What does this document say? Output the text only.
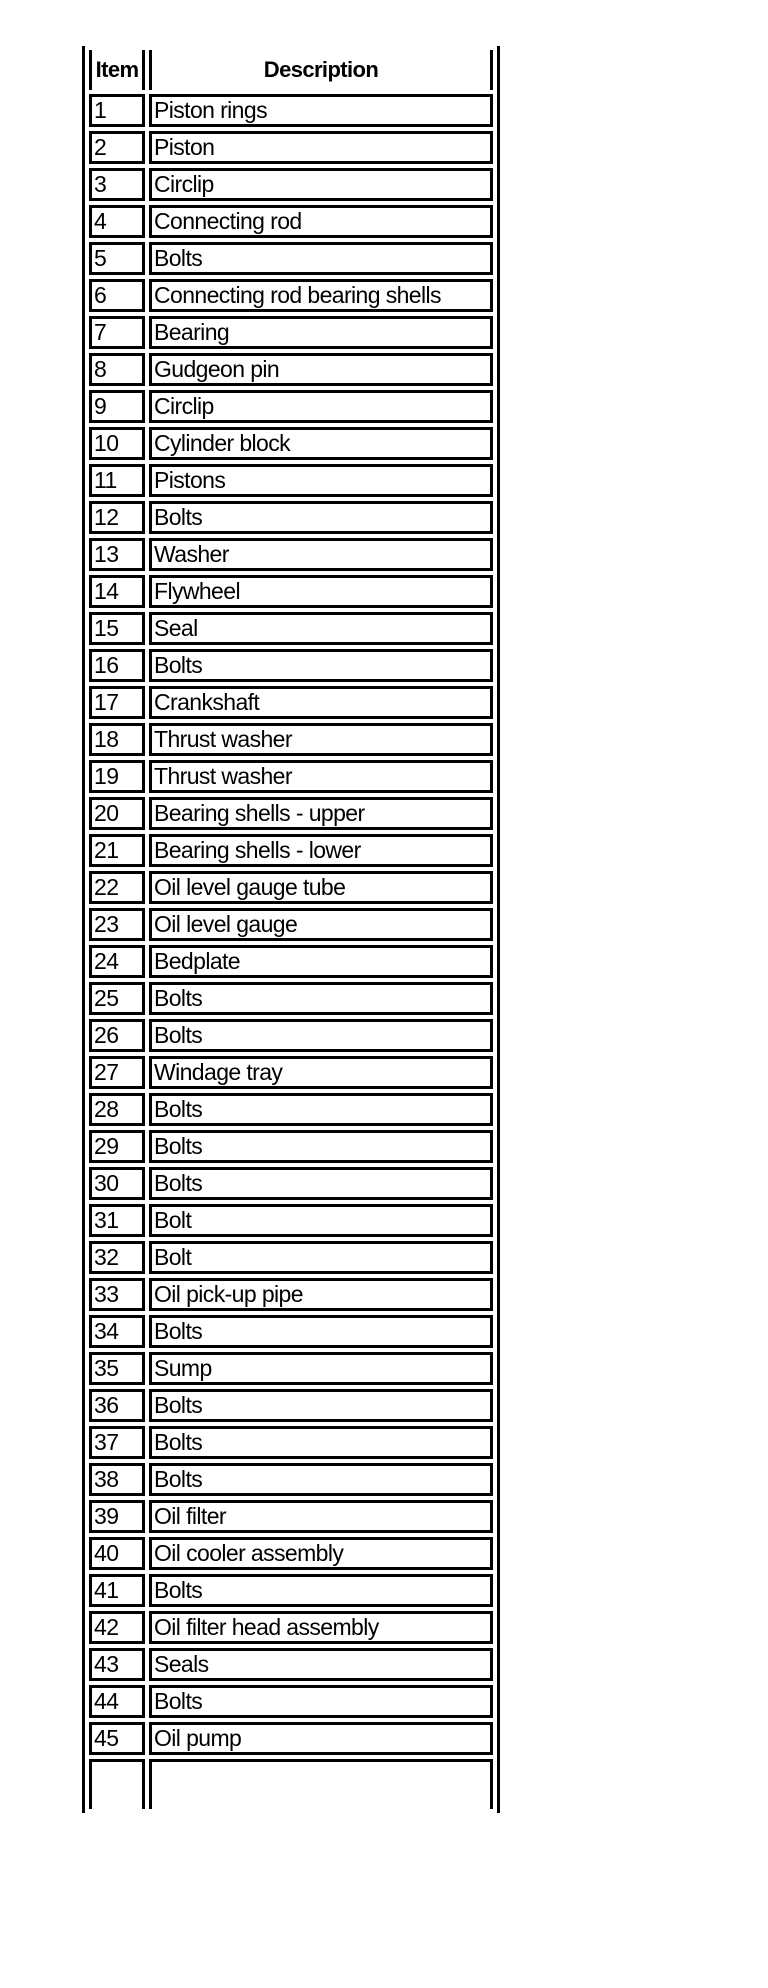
Item	Description
1	Piston rings
2	Piston
3	Circlip
4	Connecting rod
5	Bolts
6	Connecting rod bearing shells
7	Bearing
8	Gudgeon pin
9	Circlip
10	Cylinder block
11	Pistons
12	Bolts
13	Washer
14	Flywheel
15	Seal
16	Bolts
17	Crankshaft
18	Thrust washer
19	Thrust washer
20	Bearing shells - upper
21	Bearing shells - lower
22	Oil level gauge tube
23	Oil level gauge
24	Bedplate
25	Bolts
26	Bolts
27	Windage tray
28	Bolts
29	Bolts
30	Bolts
31	Bolt
32	Bolt
33	Oil pick-up pipe
34	Bolts
35	Sump
36	Bolts
37	Bolts
38	Bolts
39	Oil filter
40	Oil cooler assembly
41	Bolts
42	Oil filter head assembly
43	Seals
44	Bolts
45	Oil pump
